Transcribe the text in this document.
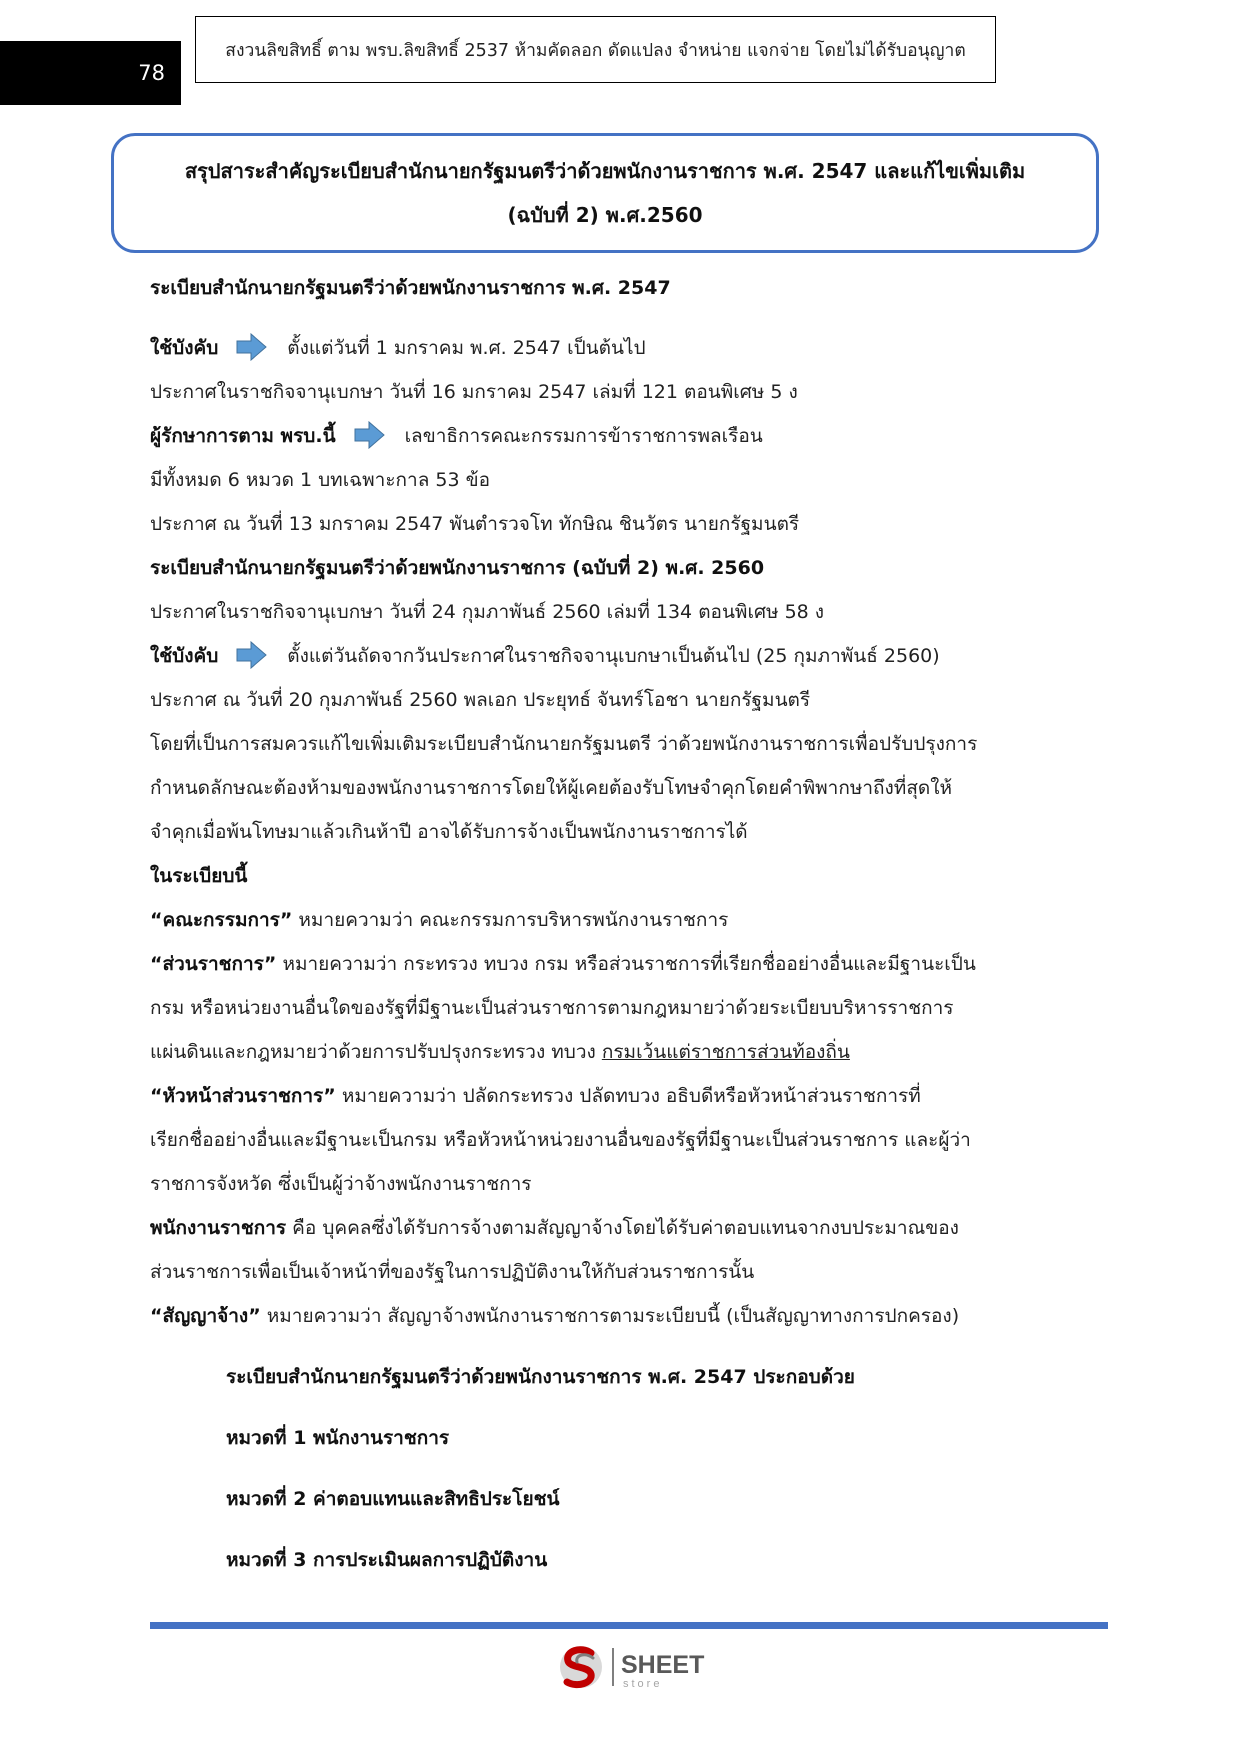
78
สงวนลิขสิทธิ์ ตาม พรบ.ลิขสิทธิ์ 2537 ห้ามคัดลอก ดัดแปลง จำหน่าย แจกจ่าย โดยไม่ได้รับอนุญาต
สรุปสาระสำคัญระเบียบสำนักนายกรัฐมนตรีว่าด้วยพนักงานราชการ พ.ศ. 2547 และแก้ไขเพิ่มเติม
(ฉบับที่ 2) พ.ศ.2560

ระเบียบสำนักนายกรัฐมนตรีว่าด้วยพนักงานราชการ พ.ศ. 2547

ใช้บังคับ	ตั้งแต่วันที่ 1 มกราคม พ.ศ. 2547 เป็นต้นไป

ประกาศในราชกิจจานุเบกษา วันที่ 16 มกราคม 2547 เล่มที่ 121 ตอนพิเศษ 5 ง

ผู้รักษาการตาม พรบ.นี้	เลขาธิการคณะกรรมการข้าราชการพลเรือน

มีทั้งหมด 6 หมวด 1 บทเฉพาะกาล 53 ข้อ

ประกาศ ณ วันที่ 13 มกราคม 2547 พันตำรวจโท ทักษิณ ชินวัตร นายกรัฐมนตรี

ระเบียบสำนักนายกรัฐมนตรีว่าด้วยพนักงานราชการ (ฉบับที่ 2) พ.ศ. 2560

ประกาศในราชกิจจานุเบกษา วันที่ 24 กุมภาพันธ์ 2560 เล่มที่ 134 ตอนพิเศษ 58 ง

ใช้บังคับ	ตั้งแต่วันถัดจากวันประกาศในราชกิจจานุเบกษาเป็นต้นไป (25 กุมภาพันธ์ 2560)

ประกาศ ณ วันที่ 20 กุมภาพันธ์ 2560 พลเอก ประยุทธ์ จันทร์โอชา นายกรัฐมนตรี

โดยที่เป็นการสมควรแก้ไขเพิ่มเติมระเบียบสำนักนายกรัฐมนตรี ว่าด้วยพนักงานราชการเพื่อปรับปรุงการ

กำหนดลักษณะต้องห้ามของพนักงานราชการโดยให้ผู้เคยต้องรับโทษจำคุกโดยคำพิพากษาถึงที่สุดให้

จำคุกเมื่อพ้นโทษมาแล้วเกินห้าปี อาจได้รับการจ้างเป็นพนักงานราชการได้

ในระเบียบนี้

“คณะกรรมการ” หมายความว่า คณะกรรมการบริหารพนักงานราชการ

“ส่วนราชการ” หมายความว่า กระทรวง ทบวง กรม หรือส่วนราชการที่เรียกชื่ออย่างอื่นและมีฐานะเป็น

กรม หรือหน่วยงานอื่นใดของรัฐที่มีฐานะเป็นส่วนราชการตามกฎหมายว่าด้วยระเบียบบริหารราชการ

แผ่นดินและกฎหมายว่าด้วยการปรับปรุงกระทรวง ทบวง กรมเว้นแต่ราชการส่วนท้องถิ่น

“หัวหน้าส่วนราชการ” หมายความว่า ปลัดกระทรวง ปลัดทบวง อธิบดีหรือหัวหน้าส่วนราชการที่

เรียกชื่ออย่างอื่นและมีฐานะเป็นกรม หรือหัวหน้าหน่วยงานอื่นของรัฐที่มีฐานะเป็นส่วนราชการ และผู้ว่า

ราชการจังหวัด ซึ่งเป็นผู้ว่าจ้างพนักงานราชการ

พนักงานราชการ คือ บุคคลซึ่งได้รับการจ้างตามสัญญาจ้างโดยได้รับค่าตอบแทนจากงบประมาณของ

ส่วนราชการเพื่อเป็นเจ้าหน้าที่ของรัฐในการปฏิบัติงานให้กับส่วนราชการนั้น

“สัญญาจ้าง” หมายความว่า สัญญาจ้างพนักงานราชการตามระเบียบนี้ (เป็นสัญญาทางการปกครอง)

ระเบียบสำนักนายกรัฐมนตรีว่าด้วยพนักงานราชการ พ.ศ. 2547 ประกอบด้วย

หมวดที่ 1 พนักงานราชการ

หมวดที่ 2 ค่าตอบแทนและสิทธิประโยชน์

หมวดที่ 3 การประเมินผลการปฏิบัติงาน

SHEET
store
